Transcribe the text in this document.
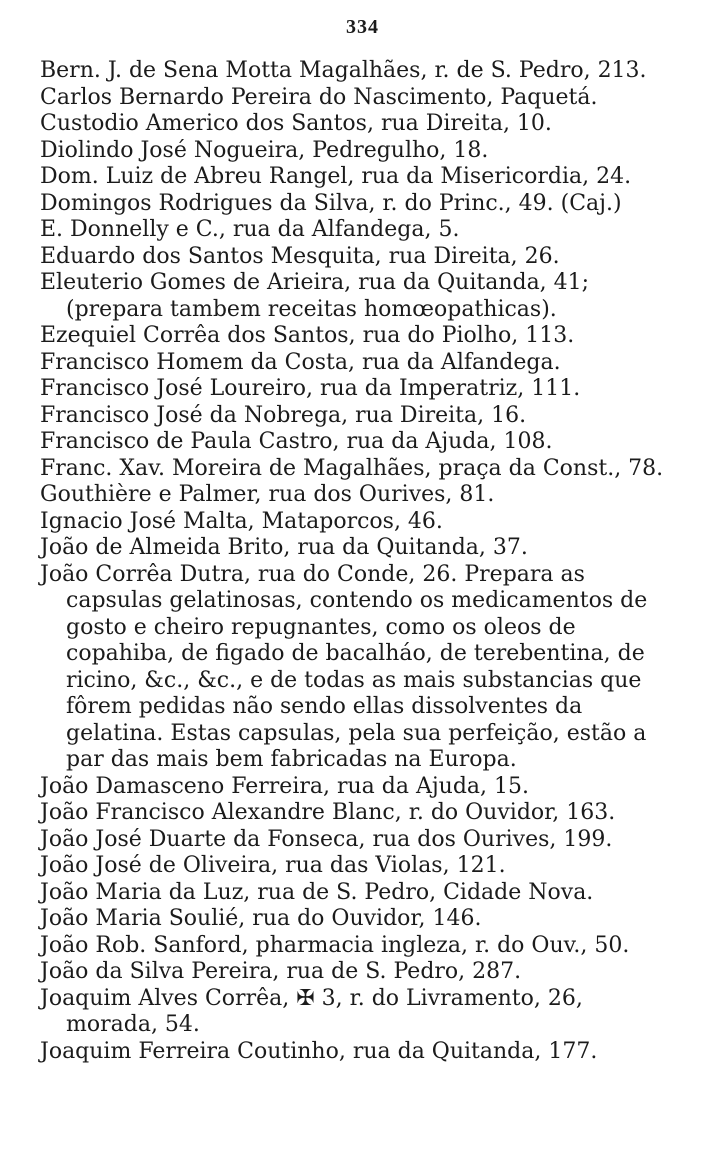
334
Bern. J. de Sena Motta Magalhães, r. de S. Pedro, 213.
Carlos Bernardo Pereira do Nascimento, Paquetá.
Custodio Americo dos Santos, rua Direita, 10.
Diolindo José Nogueira, Pedregulho, 18.
Dom. Luiz de Abreu Rangel, rua da Misericordia, 24.
Domingos Rodrigues da Silva, r. do Princ., 49. (Caj.)
E. Donnelly e C., rua da Alfandega, 5.
Eduardo dos Santos Mesquita, rua Direita, 26.
Eleuterio Gomes de Arieira, rua da Quitanda, 41; (prepara tambem receitas homœopathicas).
Ezequiel Corrêa dos Santos, rua do Piolho, 113.
Francisco Homem da Costa, rua da Alfandega.
Francisco José Loureiro, rua da Imperatriz, 111.
Francisco José da Nobrega, rua Direita, 16.
Francisco de Paula Castro, rua da Ajuda, 108.
Franc. Xav. Moreira de Magalhães, praça da Const., 78.
Gouthière e Palmer, rua dos Ourives, 81.
Ignacio José Malta, Mataporcos, 46.
João de Almeida Brito, rua da Quitanda, 37.
João Corrêa Dutra, rua do Conde, 26. Prepara as capsulas gelatinosas, contendo os medicamentos de gosto e cheiro repugnantes, como os oleos de copahiba, de figado de bacalháo, de terebentina, de ricino, &c., &c., e de todas as mais substancias que fôrem pedidas não sendo ellas dissolventes da gelatina. Estas capsulas, pela sua perfeição, estão a par das mais bem fabricadas na Europa.
João Damasceno Ferreira, rua da Ajuda, 15.
João Francisco Alexandre Blanc, r. do Ouvidor, 163.
João José Duarte da Fonseca, rua dos Ourives, 199.
João José de Oliveira, rua das Violas, 121.
João Maria da Luz, rua de S. Pedro, Cidade Nova.
João Maria Soulié, rua do Ouvidor, 146.
João Rob. Sanford, pharmacia ingleza, r. do Ouv., 50.
João da Silva Pereira, rua de S. Pedro, 287.
Joaquim Alves Corrêa, ✠ 3, r. do Livramento, 26, morada, 54.
Joaquim Ferreira Coutinho, rua da Quitanda, 177.
